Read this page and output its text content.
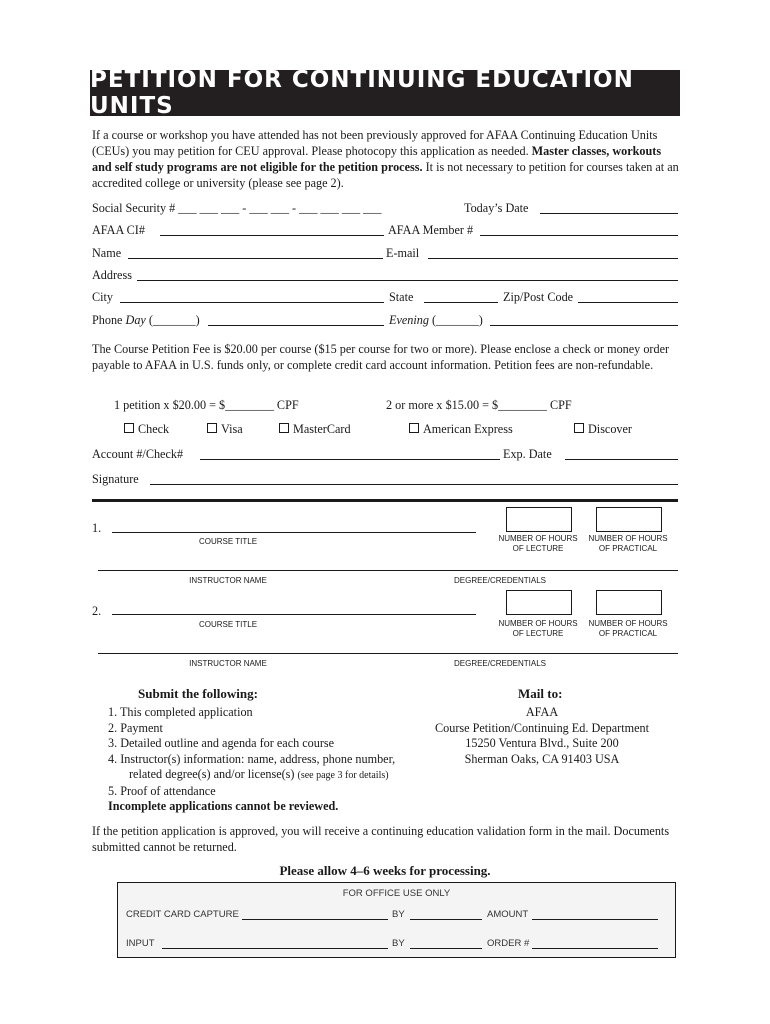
PETITION FOR CONTINUING EDUCATION UNITS
If a course or workshop you have attended has not been previously approved for AFAA Continuing Education Units (CEUs) you may petition for CEU approval. Please photocopy this application as needed. Master classes, workouts and self study programs are not eligible for the petition process. It is not necessary to petition for courses taken at an accredited college or university (please see page 2).
Social Security # ___ ___ ___ - ___ ___ - ___ ___ ___ ___	Today’s Date
AFAA CI#	AFAA Member #
Name	E-mail
Address
City	State	Zip/Post Code
Phone Day (_______)	Evening (_______)
The Course Petition Fee is $20.00 per course ($15 per course for two or more). Please enclose a check or money order payable to AFAA in U.S. funds only, or complete credit card account information. Petition fees are non-refundable.
1 petition x $20.00 = $________ CPF	2 or more x $15.00 = $________ CPF
Check	Visa	MasterCard	American Express	Discover
Account #/Check#	Exp. Date
Signature
1.
COURSE TITLE	NUMBER OF HOURS
OF LECTURE
NUMBER OF HOURS
OF PRACTICAL
INSTRUCTOR NAME	DEGREE/CREDENTIALS
2.
COURSE TITLE	NUMBER OF HOURS
OF LECTURE
NUMBER OF HOURS
OF PRACTICAL
INSTRUCTOR NAME	DEGREE/CREDENTIALS
Submit the following:	Mail to:
1. This completed application
2. Payment
3. Detailed outline and agenda for each course
4. Instructor(s) information: name, address, phone number,
related degree(s) and/or license(s) (see page 3 for details)
5. Proof of attendance
Incomplete applications cannot be reviewed.
AFAA
Course Petition/Continuing Ed. Department
15250 Ventura Blvd., Suite 200
Sherman Oaks, CA 91403 USA
If the petition application is approved, you will receive a continuing education validation form in the mail. Documents submitted cannot be returned.
Please allow 4–6 weeks for processing.
FOR OFFICE USE ONLY
CREDIT CARD CAPTURE	BY	AMOUNT
INPUT	BY	ORDER #
